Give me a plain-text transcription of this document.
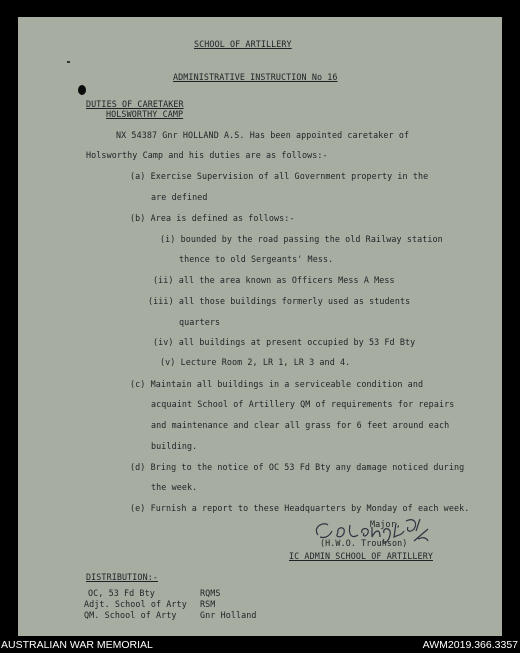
SCHOOL OF ARTILLERY
ADMINISTRATIVE INSTRUCTION No 16
DUTIES OF CARETAKER
HOLSWORTHY CAMP
NX 54387 Gnr HOLLAND A.S. Has been appointed caretaker of
Holsworthy Camp and his duties are as follows:-
(a) Exercise Supervision of all Government property in the
are defined
(b) Area is defined as follows:-
(i) bounded by the road passing the old Railway station
thence to old Sergeants' Mess.
(ii) all the area known as Officers Mess A Mess
(iii) all those buildings formerly used as students
quarters
(iv) all buildings at present occupied by 53 Fd Bty
(v) Lecture Room 2, LR 1, LR 3 and 4.
(c) Maintain all buildings in a serviceable condition and
acquaint School of Artillery QM of requirements for repairs
and maintenance and clear all grass for 6 feet around each
building.
(d) Bring to the notice of OC 53 Fd Bty any damage noticed during
the week.
(e) Furnish a report to these Headquarters by Monday of each week.
Major,
(H.W.O. Trounson)
IC ADMIN SCHOOL OF ARTILLERY
DISTRIBUTION:-
OC, 53 Fd Bty	RQMS
Adjt. School of Arty RSM
QM. School of Arty	Gnr Holland
AUSTRALIAN WAR MEMORIAL	AWM2019.366.3357
